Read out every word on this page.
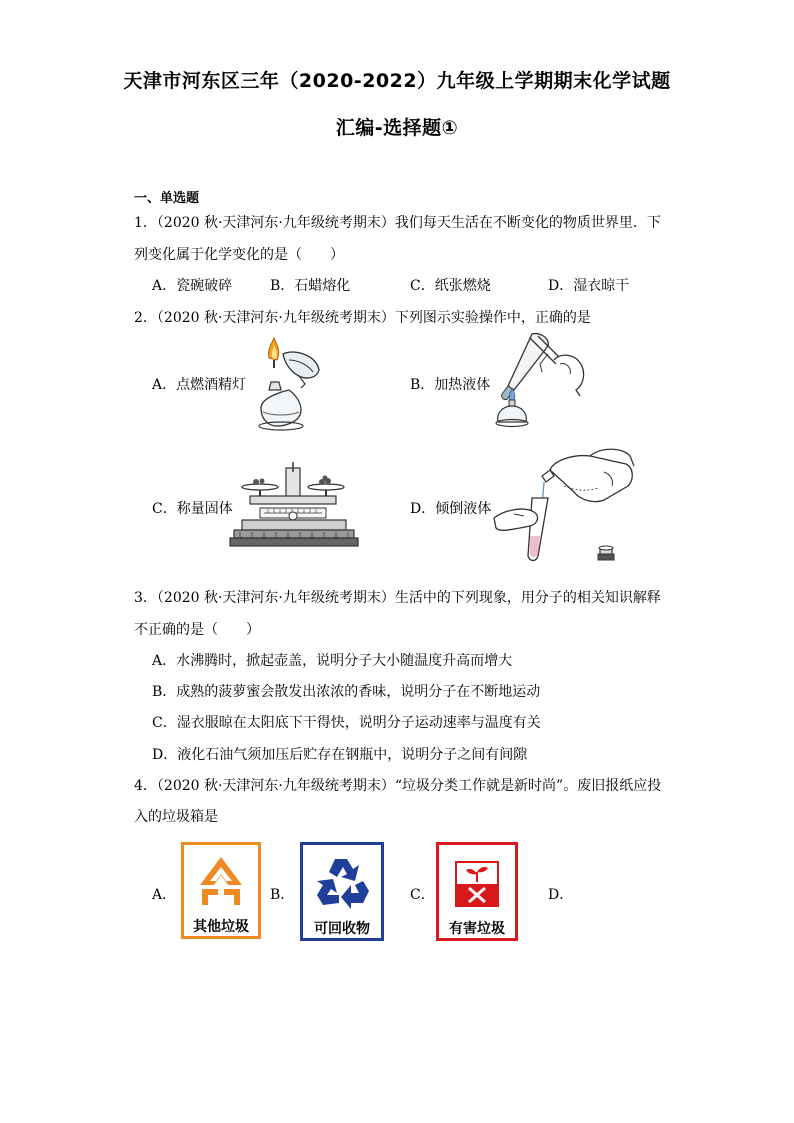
天津市河东区三年（2020-2022）九年级上学期期末化学试题
汇编-选择题①
一、单选题
1．（2020 秋·天津河东·九年级统考期末）我们每天生活在不断变化的物质世界里．下
列变化属于化学变化的是（　　）
A．瓷碗破碎	B．石蜡熔化	C．纸张燃烧	D．湿衣晾干
2．（2020 秋·天津河东·九年级统考期末）下列图示实验操作中，正确的是
A．点燃酒精灯	B．加热液体
C．称量固体	D．倾倒液体
3．（2020 秋·天津河东·九年级统考期末）生活中的下列现象，用分子的相关知识解释
不正确的是（　　）
A．水沸腾时，掀起壶盖，说明分子大小随温度升高而增大
B．成熟的菠萝蜜会散发出浓浓的香味，说明分子在不断地运动
C．湿衣服晾在太阳底下干得快，说明分子运动速率与温度有关
D．液化石油气须加压后贮存在钢瓶中，说明分子之间有间隙
4．（2020 秋·天津河东·九年级统考期末）“垃圾分类工作就是新时尚”。废旧报纸应投
入的垃圾箱是
A．	B．	C．	D．
其他垃圾	可回收物	有害垃圾
